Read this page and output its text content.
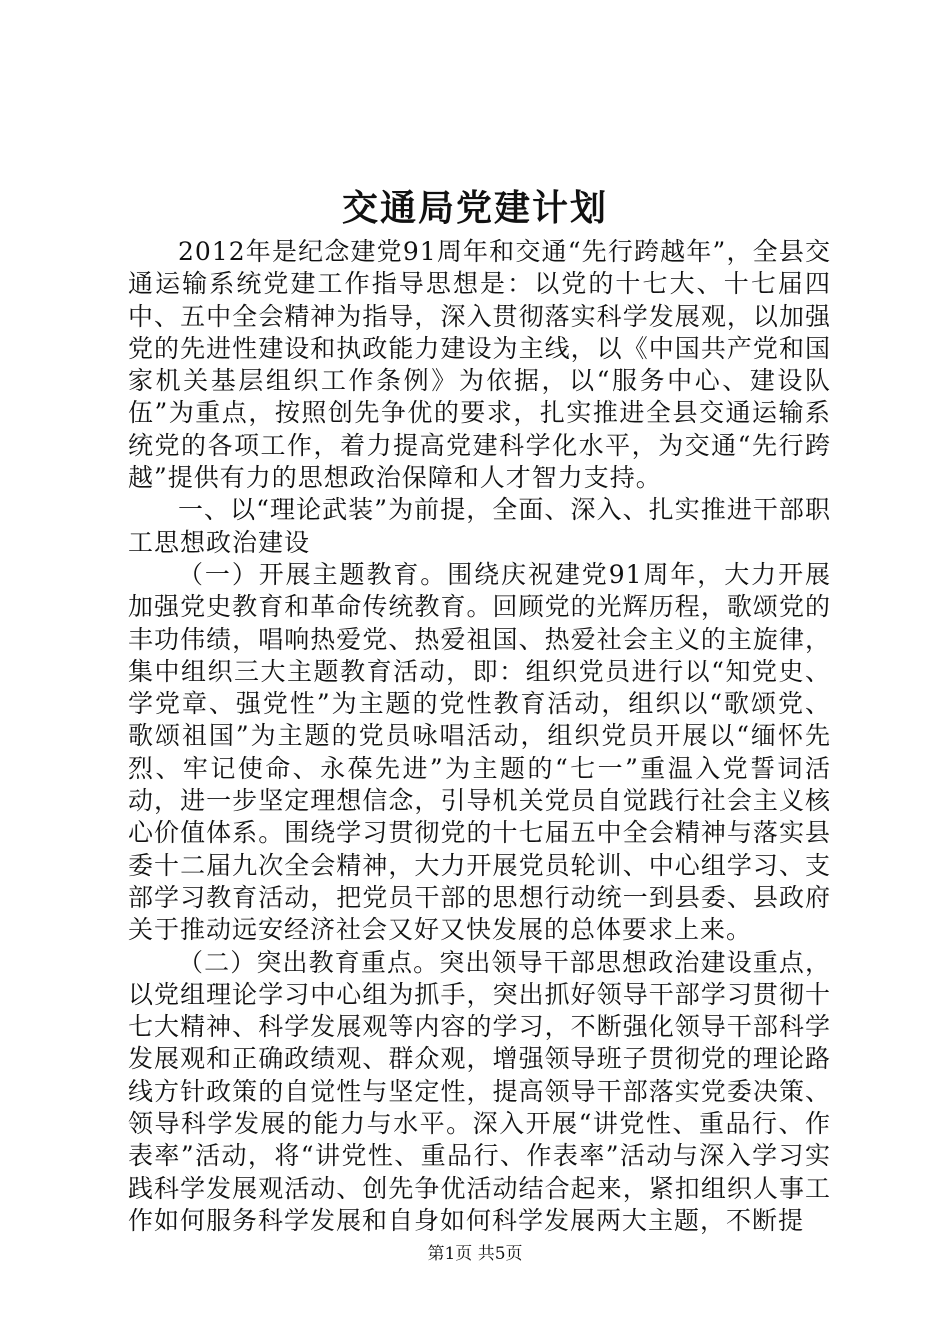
交通局党建计划

2012年是纪念建党91周年和交通“先行跨越年”，全县交通运输系统党建工作指导思想是：以党的十七大、十七届四中、五中全会精神为指导，深入贯彻落实科学发展观，以加强党的先进性建设和执政能力建设为主线，以《中国共产党和国家机关基层组织工作条例》为依据，以“服务中心、建设队伍”为重点，按照创先争优的要求，扎实推进全县交通运输系统党的各项工作，着力提高党建科学化水平，为交通“先行跨越”提供有力的思想政治保障和人才智力支持。

一、以“理论武装”为前提，全面、深入、扎实推进干部职工思想政治建设

（一）开展主题教育。围绕庆祝建党91周年，大力开展加强党史教育和革命传统教育。回顾党的光辉历程，歌颂党的丰功伟绩，唱响热爱党、热爱祖国、热爱社会主义的主旋律，集中组织三大主题教育活动，即：组织党员进行以“知党史、学党章、强党性”为主题的党性教育活动，组织以“歌颂党、歌颂祖国”为主题的党员咏唱活动，组织党员开展以“缅怀先烈、牢记使命、永葆先进”为主题的“七一”重温入党誓词活动，进一步坚定理想信念，引导机关党员自觉践行社会主义核心价值体系。围绕学习贯彻党的十七届五中全会精神与落实县委十二届九次全会精神，大力开展党员轮训、中心组学习、支部学习教育活动，把党员干部的思想行动统一到县委、县政府关于推动远安经济社会又好又快发展的总体要求上来。

（二）突出教育重点。突出领导干部思想政治建设重点，以党组理论学习中心组为抓手，突出抓好领导干部学习贯彻十七大精神、科学发展观等内容的学习，不断强化领导干部科学发展观和正确政绩观、群众观，增强领导班子贯彻党的理论路线方针政策的自觉性与坚定性，提高领导干部落实党委决策、领导科学发展的能力与水平。深入开展“讲党性、重品行、作表率”活动，将“讲党性、重品行、作表率”活动与深入学习实践科学发展观活动、创先争优活动结合起来，紧扣组织人事工作如何服务科学发展和自身如何科学发展两大主题，不断提

第1页 共5页
